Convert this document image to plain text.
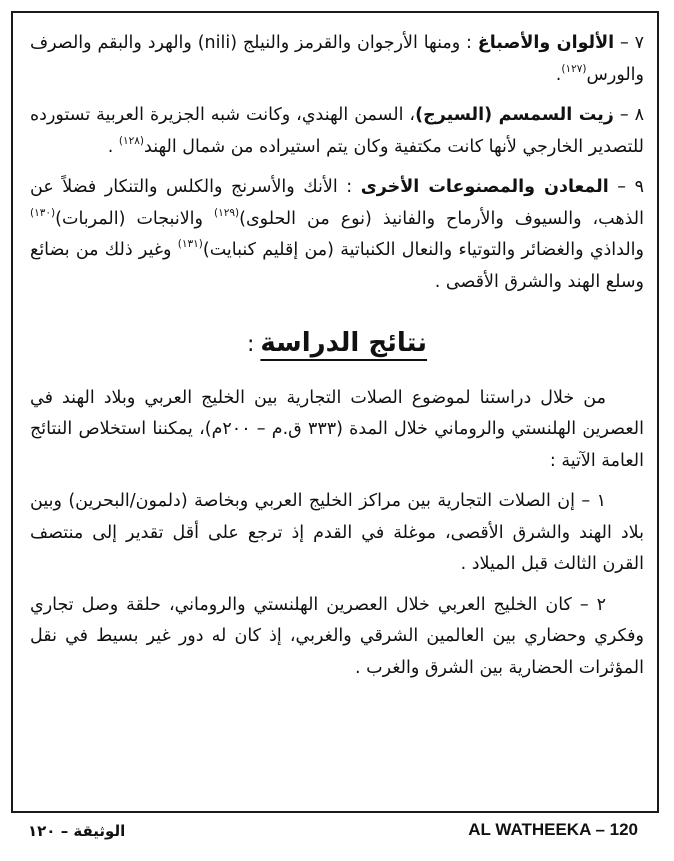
٧ – الألوان والأصباغ : ومنها الأرجوان والقرمز والنيلج (nili) والهرد والبقم والصرف والورس$^{(١٢٧)}$.

٨ – زيت السمسم (السيرج)، السمن الهندي، وكانت شبه الجزيرة العربية تستورده للتصدير الخارجي لأنها كانت مكتفية وكان يتم استيراده من شمال الهند$^{(١٢٨)}$ .

٩ – المعادن والمصنوعات الأخرى : الأنك والأسرنج والكلس والتنكار فضلاً عن الذهب، والسيوف والأرماح والفانيذ (نوع من الحلوى)$^{(١٢٩)}$ والانبجات (المربات)$^{(١٣٠)}$ والداذي والغضائر والتوتياء والنعال الكنباتية (من إقليم كنبايت)$^{(١٣١)}$ وغير ذلك من بضائع وسلع الهند والشرق الأقصى .

نتائج الدراسة:

من خلال دراستنا لموضوع الصلات التجارية بين الخليج العربي وبلاد الهند في العصرين الهلنستي والروماني خلال المدة (٣٣٣ ق.م – ٢٠٠م)، يمكننا استخلاص النتائج العامة الآتية :

١ – إن الصلات التجارية بين مراكز الخليج العربي وبخاصة (دلمون/البحرين) وبين بلاد الهند والشرق الأقصى، موغلة في القدم إذ ترجع على أقل تقدير إلى منتصف القرن الثالث قبل الميلاد .

٢ – كان الخليج العربي خلال العصرين الهلنستي والروماني، حلقة وصل تجاري وفكري وحضاري بين العالمين الشرقي والغربي، إذ كان له دور غير بسيط في نقل المؤثرات الحضارية بين الشرق والغرب .

الوثيقة – ١٢٠	AL WATHEEKA – 120
